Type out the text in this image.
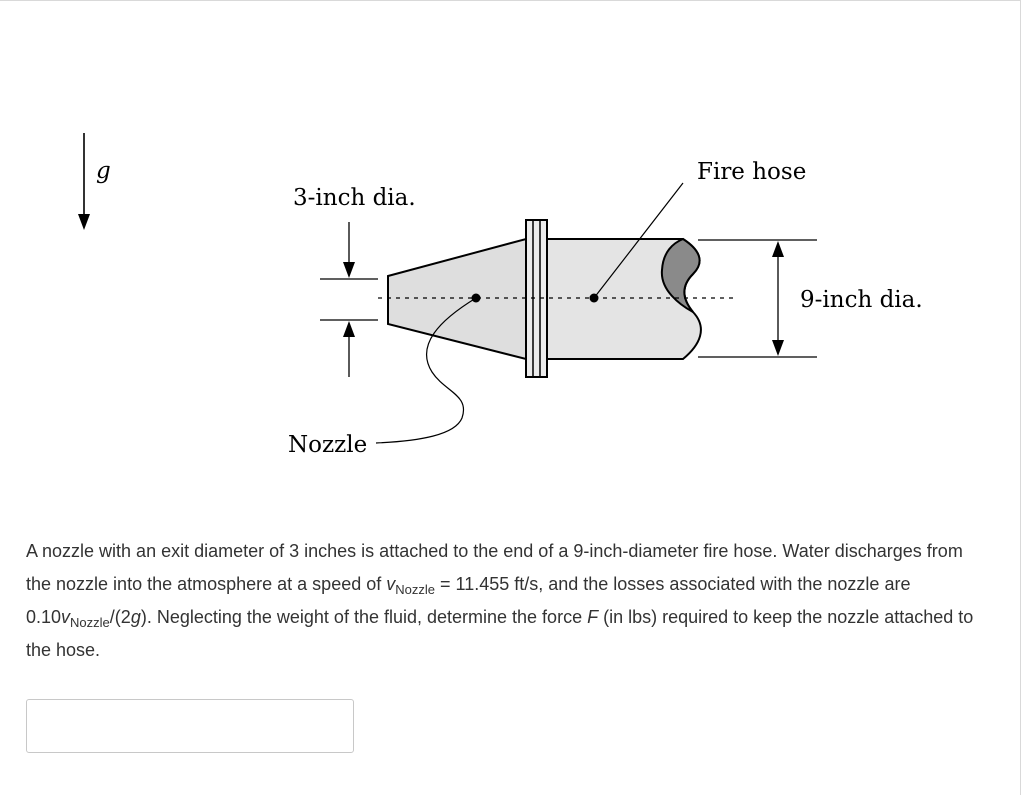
g
3-inch dia.
Fire hose
9-inch dia.
Nozzle

A nozzle with an exit diameter of 3 inches is attached to the end of a 9-inch-diameter fire hose. Water discharges from the nozzle into the atmosphere at a speed of $v_{Nozzle} = 11.455$ ft/s, and the losses associated with the nozzle are $0.10v_{Nozzle}/(2g)$. Neglecting the weight of the fluid, determine the force F (in lbs) required to keep the nozzle attached to the hose.
